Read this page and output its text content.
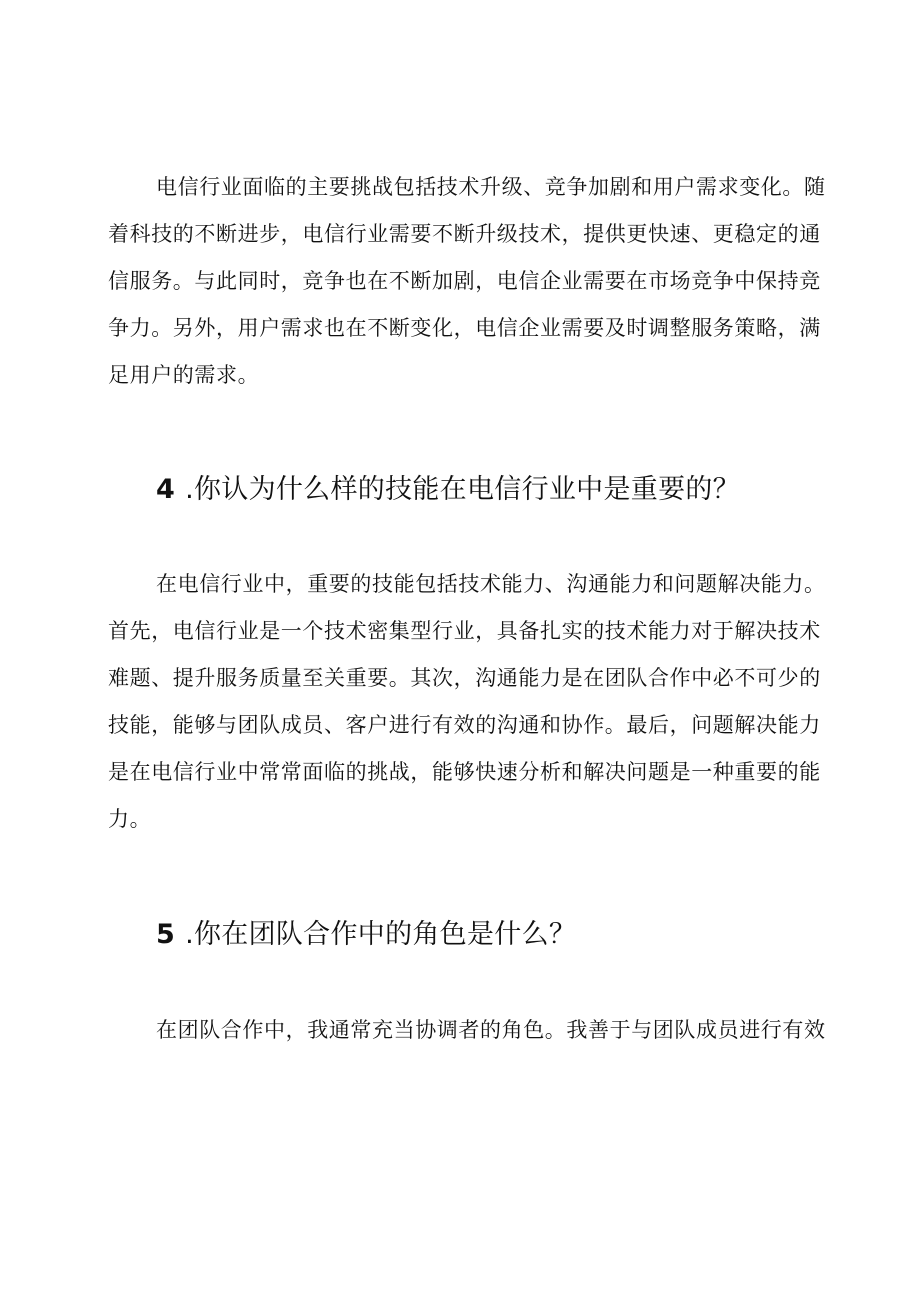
电信行业面临的主要挑战包括技术升级、竞争加剧和用户需求变化。随

着科技的不断进步，电信行业需要不断升级技术，提供更快速、更稳定的通

信服务。与此同时，竞争也在不断加剧，电信企业需要在市场竞争中保持竞

争力。另外，用户需求也在不断变化，电信企业需要及时调整服务策略，满

足用户的需求。

4 .你认为什么样的技能在电信行业中是重要的？

在电信行业中，重要的技能包括技术能力、沟通能力和问题解决能力。

首先，电信行业是一个技术密集型行业，具备扎实的技术能力对于解决技术

难题、提升服务质量至关重要。其次，沟通能力是在团队合作中必不可少的

技能，能够与团队成员、客户进行有效的沟通和协作。最后，问题解决能力

是在电信行业中常常面临的挑战，能够快速分析和解决问题是一种重要的能

力。

5 .你在团队合作中的角色是什么？

在团队合作中，我通常充当协调者的角色。我善于与团队成员进行有效
